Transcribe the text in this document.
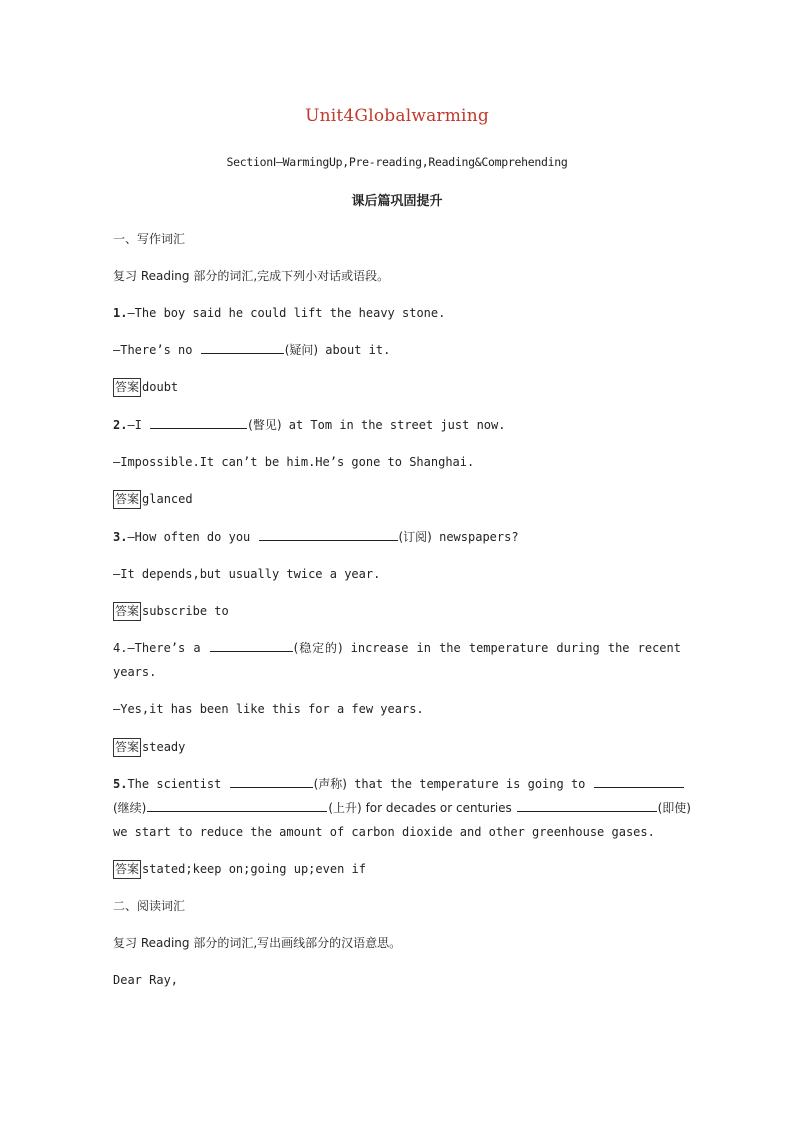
Unit4Globalwarming
SectionⅠ—WarmingUp,Pre-reading,Reading&Comprehending
课后篇巩固提升
一、写作词汇
复习 Reading 部分的词汇,完成下列小对话或语段。
1.—The boy said he could lift the heavy stone.
—There’s no	(疑问) about it.
答案 doubt
2.—I	(瞥见) at Tom in the street just now.
—Impossible.It can’t be him.He’s gone to Shanghai.
答案 glanced
3.—How often do you	(订阅) newspapers?
—It depends,but usually twice a year.
答案 subscribe to
4.—There’s a	(稳定的) increase in the temperature during the recent
years.
—Yes,it has been like this for a few years.
答案 steady
5.The scientist	(声称) that the temperature is going to
(继续)	(上升) for decades or centuries	(即使)
we start to reduce the amount of carbon dioxide and other greenhouse gases.
答案 stated;keep on;going up;even if
二、阅读词汇
复习 Reading 部分的词汇,写出画线部分的汉语意思。
Dear Ray,
